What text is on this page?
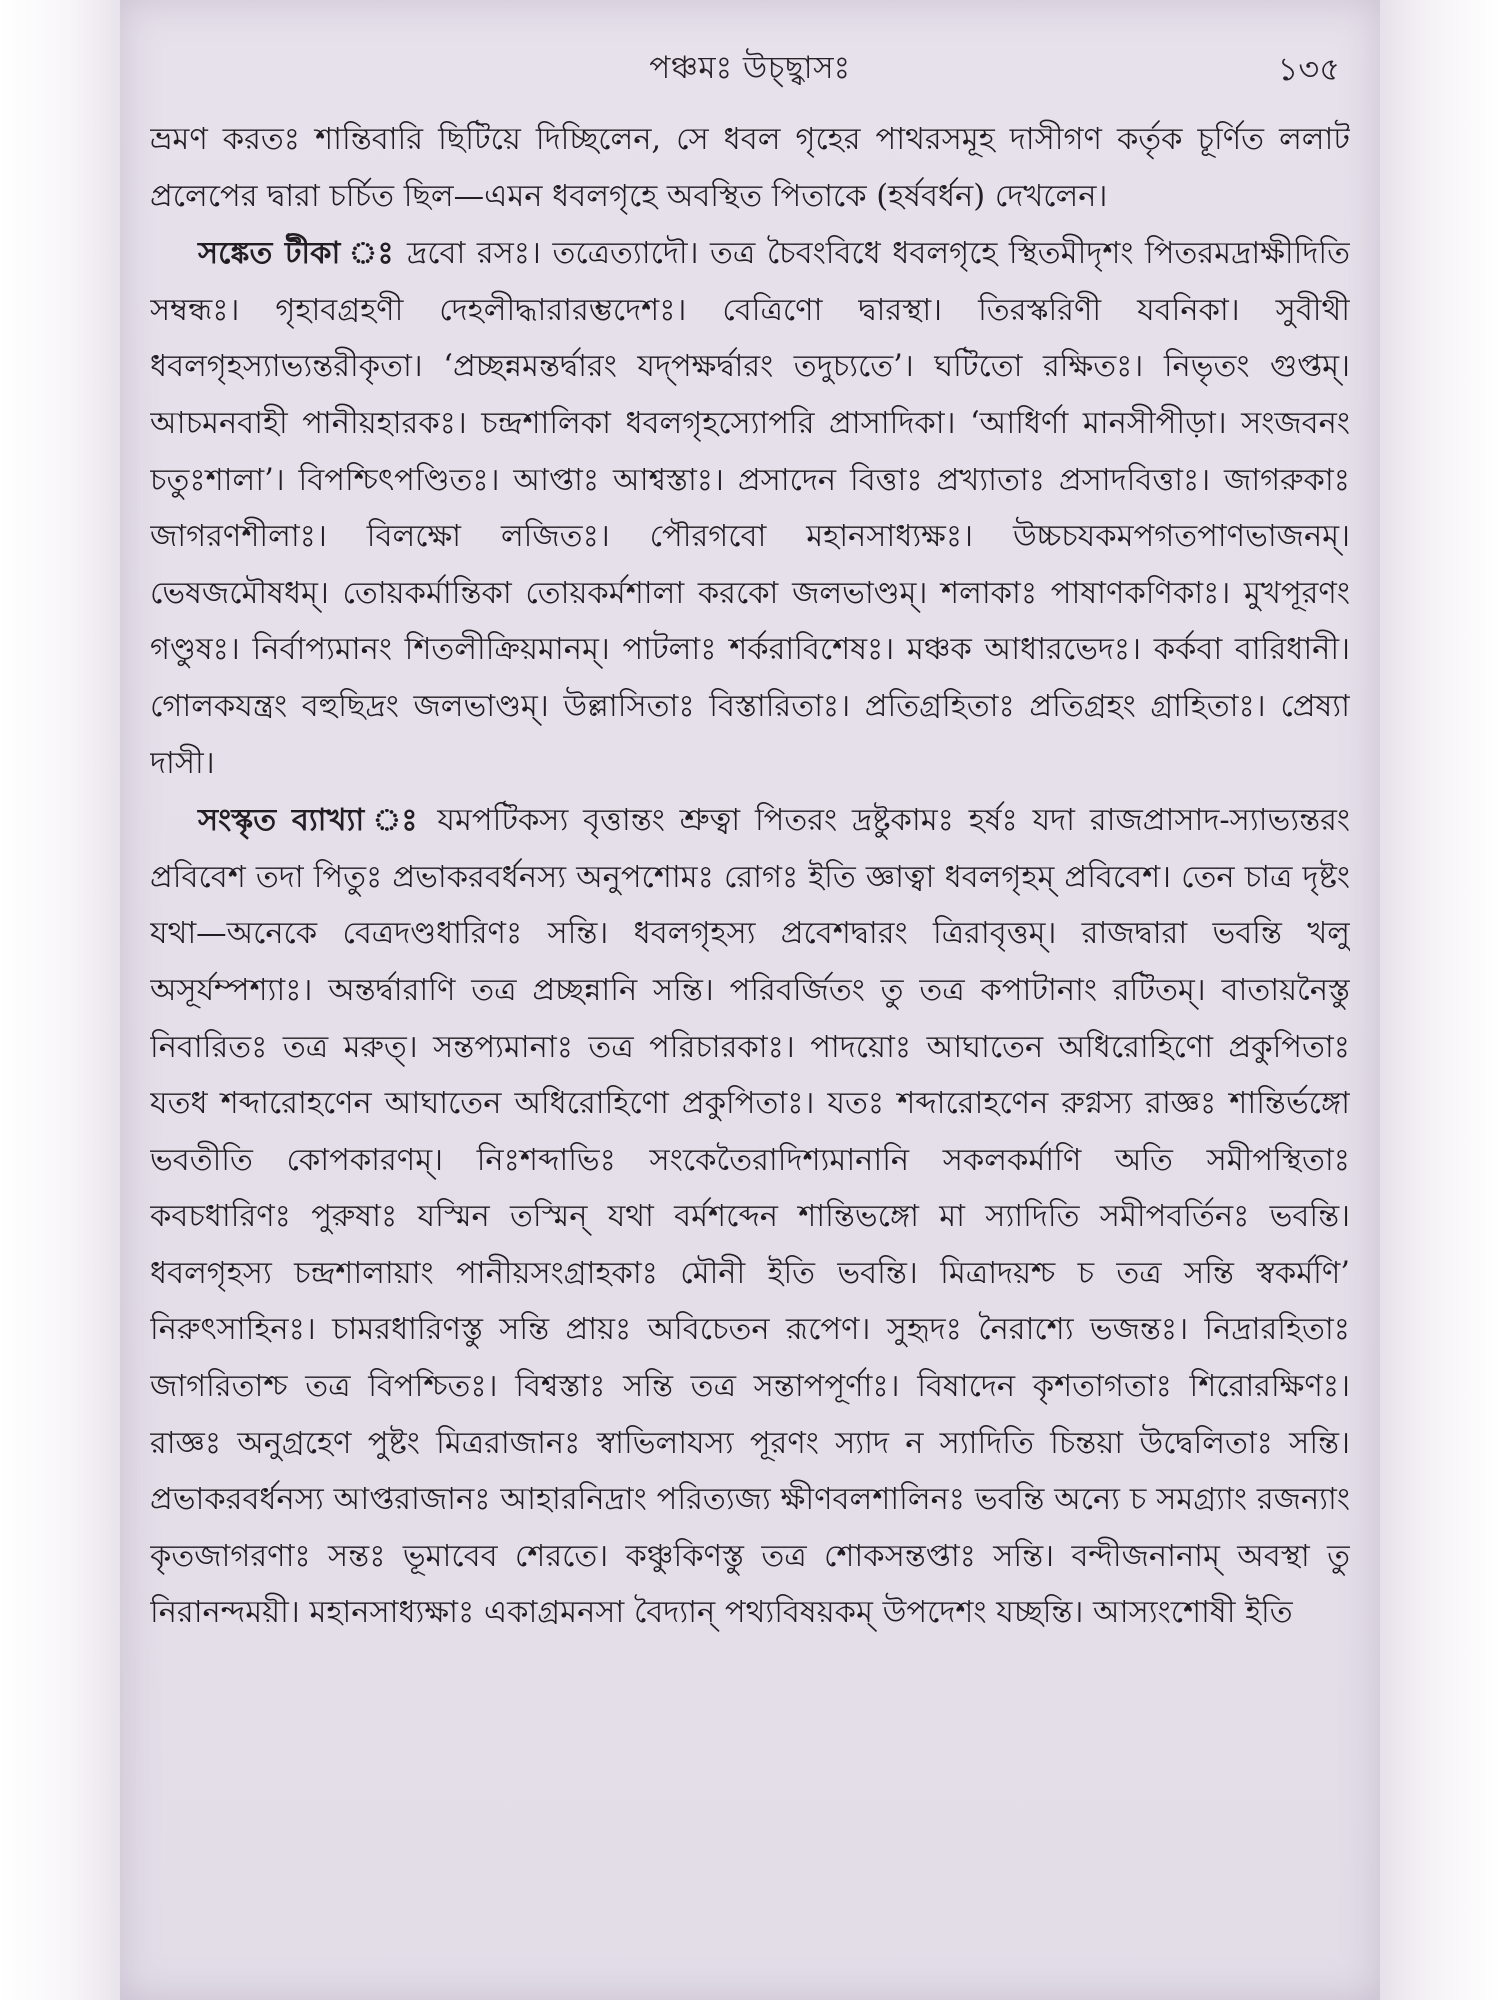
পঞ্চমঃ উচ্ছ্বাসঃ	১৩৫

ভ্রমণ করতঃ শান্তিবারি ছিটিয়ে দিচ্ছিলেন, সে ধবল গৃহের পাথরসমূহ দাসীগণ কর্তৃক চূর্ণিত ললাট প্রলেপের দ্বারা চর্চিত ছিল—এমন ধবলগৃহে অবস্থিত পিতাকে (হর্ষবর্ধন) দেখলেন।

সঙ্কেত টীকা ঃ দ্রবো রসঃ। তত্রেত্যাদৌ। তত্র চৈবংবিধে ধবলগৃহে স্থিতমীদৃশং পিতরমদ্রাক্ষীদিতি সম্বন্ধঃ। গৃহাবগ্রহণী দেহলীদ্ধারারম্ভদেশঃ। বেত্রিণো দ্বারস্থা। তিরস্করিণী যবনিকা। সুবীথী ধবলগৃহস্যাভ্যন্তরীকৃতা। ‘প্রচ্ছন্নমন্তর্দ্বারং যদ্‌পক্ষর্দ্বারং তদুচ্যতে’। ঘটিতো রক্ষিতঃ। নিভৃতং গুপ্তম্। আচমনবাহী পানীয়হারকঃ। চন্দ্রশালিকা ধবলগৃহস্যোপরি প্রাসাদিকা। ‘আধির্ণা মানসীপীড়া। সংজবনং চতুঃশালা’। বিপশ্চিৎপণ্ডিতঃ। আপ্তাঃ আশ্বস্তাঃ। প্রসাদেন বিত্তাঃ প্রখ্যাতাঃ প্রসাদবিত্তাঃ। জাগরুকাঃ জাগরণশীলাঃ। বিলক্ষো লজিতঃ। পৌরগবো মহানসাধ্যক্ষঃ। উচ্চচযকমপগতপাণভাজনম্। ভেষজমৌষধম্। তোয়কর্মান্তিকা তোয়কর্মশালা করকো জলভাণ্ডম্। শলাকাঃ পাষাণকণিকাঃ। মুখপূরণং গণ্ডুষঃ। নির্বাপ্যমানং শিতলীক্রিয়মানম্। পাটলাঃ শর্করাবিশেষঃ। মঞ্চক আধারভেদঃ। কর্কবা বারিধানী। গোলকযন্ত্রং বহুছিদ্রং জলভাণ্ডম্। উল্লাসিতাঃ বিস্তারিতাঃ। প্রতিগ্রহিতাঃ প্রতিগ্রহং গ্রাহিতাঃ। প্রেষ্যা দাসী।

সংস্কৃত ব্যাখ্যা ঃ যমপটিকস্য বৃত্তান্তং শ্রুত্বা পিতরং দ্রষ্টুকামঃ হর্ষঃ যদা রাজপ্রাসাদ-স্যাভ্যন্তরং প্রবিবেশ তদা পিতুঃ প্রভাকরবর্ধনস্য অনুপশোমঃ রোগঃ ইতি জ্ঞাত্বা ধবলগৃহম্ প্রবিবেশ। তেন চাত্র দৃষ্টং যথা—অনেকে বেত্রদণ্ডধারিণঃ সন্তি। ধবলগৃহস্য প্রবেশদ্বারং ত্রিরাবৃত্তম্। রাজদ্বারা ভবন্তি খলু অসূর্যম্পশ্যাঃ। অন্তর্দ্বারাণি তত্র প্রচ্ছন্নানি সন্তি। পরিবর্জিতং তু তত্র কপাটানাং রটিতম্। বাতায়নৈস্তু নিবারিতঃ তত্র মরুত্। সন্তপ্যমানাঃ তত্র পরিচারকাঃ। পাদয়োঃ আঘাতেন অধিরোহিণো প্রকুপিতাঃ যতধ শব্দারোহণেন আঘাতেন অধিরোহিণো প্রকুপিতাঃ। যতঃ শব্দারোহণেন রুগ্নস্য রাজ্ঞঃ শান্তির্ভঙ্গো ভবতীতি কোপকারণম্। নিঃশব্দাভিঃ সংকেতৈরাদিশ্যমানানি সকলকর্মাণি অতি সমীপস্থিতাঃ কবচধারিণঃ পুরুষাঃ যস্মিন তস্মিন্ যথা বর্মশব্দেন শান্তিভঙ্গো মা স্যাদিতি সমীপবর্তিনঃ ভবন্তি। ধবলগৃহস্য চন্দ্রশালায়াং পানীয়সংগ্রাহকাঃ মৌনী ইতি ভবন্তি। মিত্রাদয়শ্চ চ তত্র সন্তি স্বকর্মণি’ নিরুৎসাহিনঃ। চামরধারিণস্তু সন্তি প্রায়ঃ অবিচেতন রূপেণ। সুহৃদঃ নৈরাশ্যে ভজন্তঃ। নিদ্রারহিতাঃ জাগরিতাশ্চ তত্র বিপশ্চিতঃ। বিশ্বস্তাঃ সন্তি তত্র সন্তাপপূর্ণাঃ। বিষাদেন কৃশতাগতাঃ শিরোরক্ষিণঃ। রাজ্ঞঃ অনুগ্রহেণ পুষ্টং মিত্ররাজানঃ স্বাভিলাযস্য পূরণং স্যাদ ন স্যাদিতি চিন্তয়া উদ্বেলিতাঃ সন্তি। প্রভাকরবর্ধনস্য আপ্তরাজানঃ আহারনিদ্রাং পরিত্যজ্য ক্ষীণবলশালিনঃ ভবন্তি অন্যে চ সমগ্র্যাং রজন্যাং কৃতজাগরণাঃ সন্তঃ ভূমাবেব শেরতে। কঞ্চুকিণস্তু তত্র শোকসন্তপ্তাঃ সন্তি। বন্দীজনানাম্ অবস্থা তু নিরানন্দময়ী। মহানসাধ্যক্ষাঃ একাগ্রমনসা বৈদ্যান্ পথ্যবিষয়কম্ উপদেশং যচ্ছন্তি। আস্যংশোষী ইতি
